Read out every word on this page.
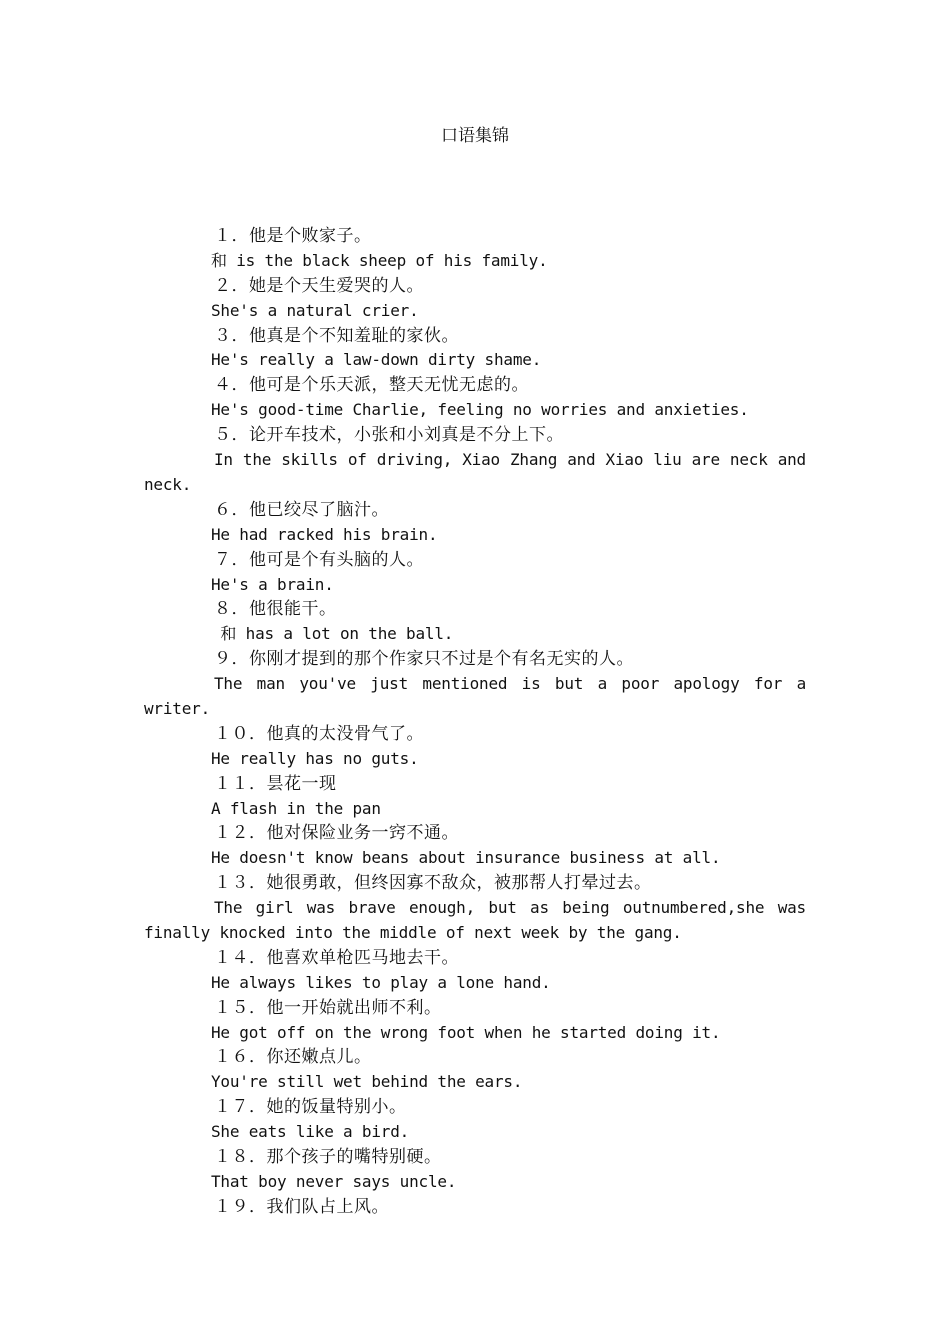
口语集锦
１．他是个败家子。
和 is the black sheep of his family.
２．她是个天生爱哭的人。
She's a natural crier.
３．他真是个不知羞耻的家伙。
He's really a law-down dirty shame.
４．他可是个乐天派，整天无忧无虑的。
He's good-time Charlie, feeling no worries and anxieties.
５．论开车技术，小张和小刘真是不分上下。
In the skills of driving, Xiao Zhang and Xiao liu are neck and neck.
６．他已绞尽了脑汁。
He had racked his brain.
７．他可是个有头脑的人。
He's a brain.
８．他很能干。
和 has a lot on the ball.
９．你刚才提到的那个作家只不过是个有名无实的人。
The man you've just mentioned is but a poor apology for a writer.
１０．他真的太没骨气了。
He really has no guts.
１１．昙花一现
A flash in the pan
１２．他对保险业务一窍不通。
He doesn't know beans about insurance business at all.
１３．她很勇敢，但终因寡不敌众，被那帮人打晕过去。
The girl was brave enough, but as being outnumbered,she was finally knocked into the middle of next week by the gang.
１４．他喜欢单枪匹马地去干。
He always likes to play a lone hand.
１５．他一开始就出师不利。
He got off on the wrong foot when he started doing it.
１６．你还嫩点儿。
You're still wet behind the ears.
１７．她的饭量特别小。
She eats like a bird.
１８．那个孩子的嘴特别硬。
That boy never says uncle.
１９．我们队占上风。
